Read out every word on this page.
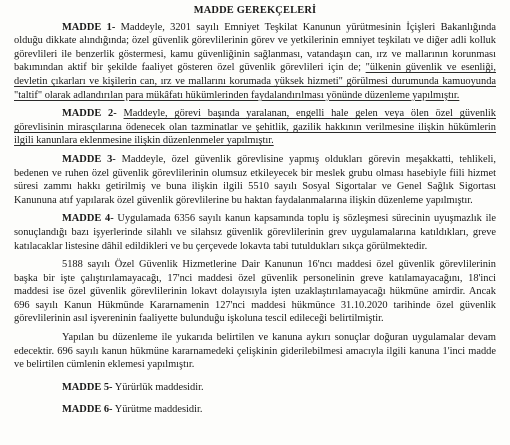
MADDE GEREKÇELERİ

MADDE 1- Maddeyle, 3201 sayılı Emniyet Teşkilat Kanunun yürütmesinin İçişleri Bakanlığında olduğu dikkate alındığında; özel güvenlik görevlilerinin görev ve yetkilerinin emniyet teşkilatı ve diğer adli kolluk görevlileri ile benzerlik göstermesi, kamu güvenliğinin sağlanması, vatandaşın can, ırz ve mallarının korunması bakımından aktif bir şekilde faaliyet gösteren özel güvenlik görevlileri için de; "ülkenin güvenlik ve esenliği, devletin çıkarları ve kişilerin can, ırz ve mallarını korumada yüksek hizmeti" görülmesi durumunda kamuoyunda "taltif" olarak adlandırılan para mükâfatı hükümlerinden faydalandırılması yönünde düzenleme yapılmıştır.

MADDE 2- Maddeyle, görevi başında yaralanan, engelli hale gelen veya ölen özel güvenlik görevlisinin mirasçılarına ödenecek olan tazminatlar ve şehitlik, gazilik hakkının verilmesine ilişkin hükümlerin ilgili kanunlara eklenmesine ilişkin düzenlenmeler yapılmıştır.

MADDE 3- Maddeyle, özel güvenlik görevlisine yapmış oldukları görevin meşakkatti, tehlikeli, bedenen ve ruhen özel güvenlik görevlilerinin olumsuz etkileyecek bir meslek grubu olması hasebiyle fiili hizmet süresi zammı hakkı getirilmiş ve buna ilişkin ilgili 5510 sayılı Sosyal Sigortalar ve Genel Sağlık Sigortası Kanununa atıf yapılarak özel güvenlik görevlilerine bu haktan faydalanmalarına ilişkin düzenleme yapılmıştır.

MADDE 4- Uygulamada 6356 sayılı kanun kapsamında toplu iş sözleşmesi sürecinin uyuşmazlık ile sonuçlandığı bazı işyerlerinde silahlı ve silahsız güvenlik görevlilerinin grev uygulamalarına katıldıkları, greve katılacaklar listesine dâhil edildikleri ve bu çerçevede lokavta tabi tutuldukları sıkça görülmektedir.

5188 sayılı Özel Güvenlik Hizmetlerine Dair Kanunun 16'ncı maddesi özel güvenlik görevlilerinin başka bir işte çalıştırılamayacağı, 17'nci maddesi özel güvenlik personelinin greve katılamayacağını, 18'inci maddesi ise özel güvenlik görevlilerinin lokavt dolayısıyla işten uzaklaştırılamayacağı hükmüne amirdir. Ancak 696 sayılı Kanun Hükmünde Kararnamenin 127'nci maddesi hükmünce 31.10.2020 tarihinde özel güvenlik görevlilerinin asıl işvereninin faaliyette bulunduğu işkoluna tescil edileceği belirtilmiştir.

Yapılan bu düzenleme ile yukarıda belirtilen ve kanuna aykırı sonuçlar doğuran uygulamalar devam edecektir. 696 sayılı kanun hükmüne kararnamedeki çelişkinin giderilebilmesi amacıyla ilgili kanuna 1'inci madde ve belirtilen cümlenin eklemesi yapılmıştır.

MADDE 5- Yürürlük maddesidir.

MADDE 6- Yürütme maddesidir.
